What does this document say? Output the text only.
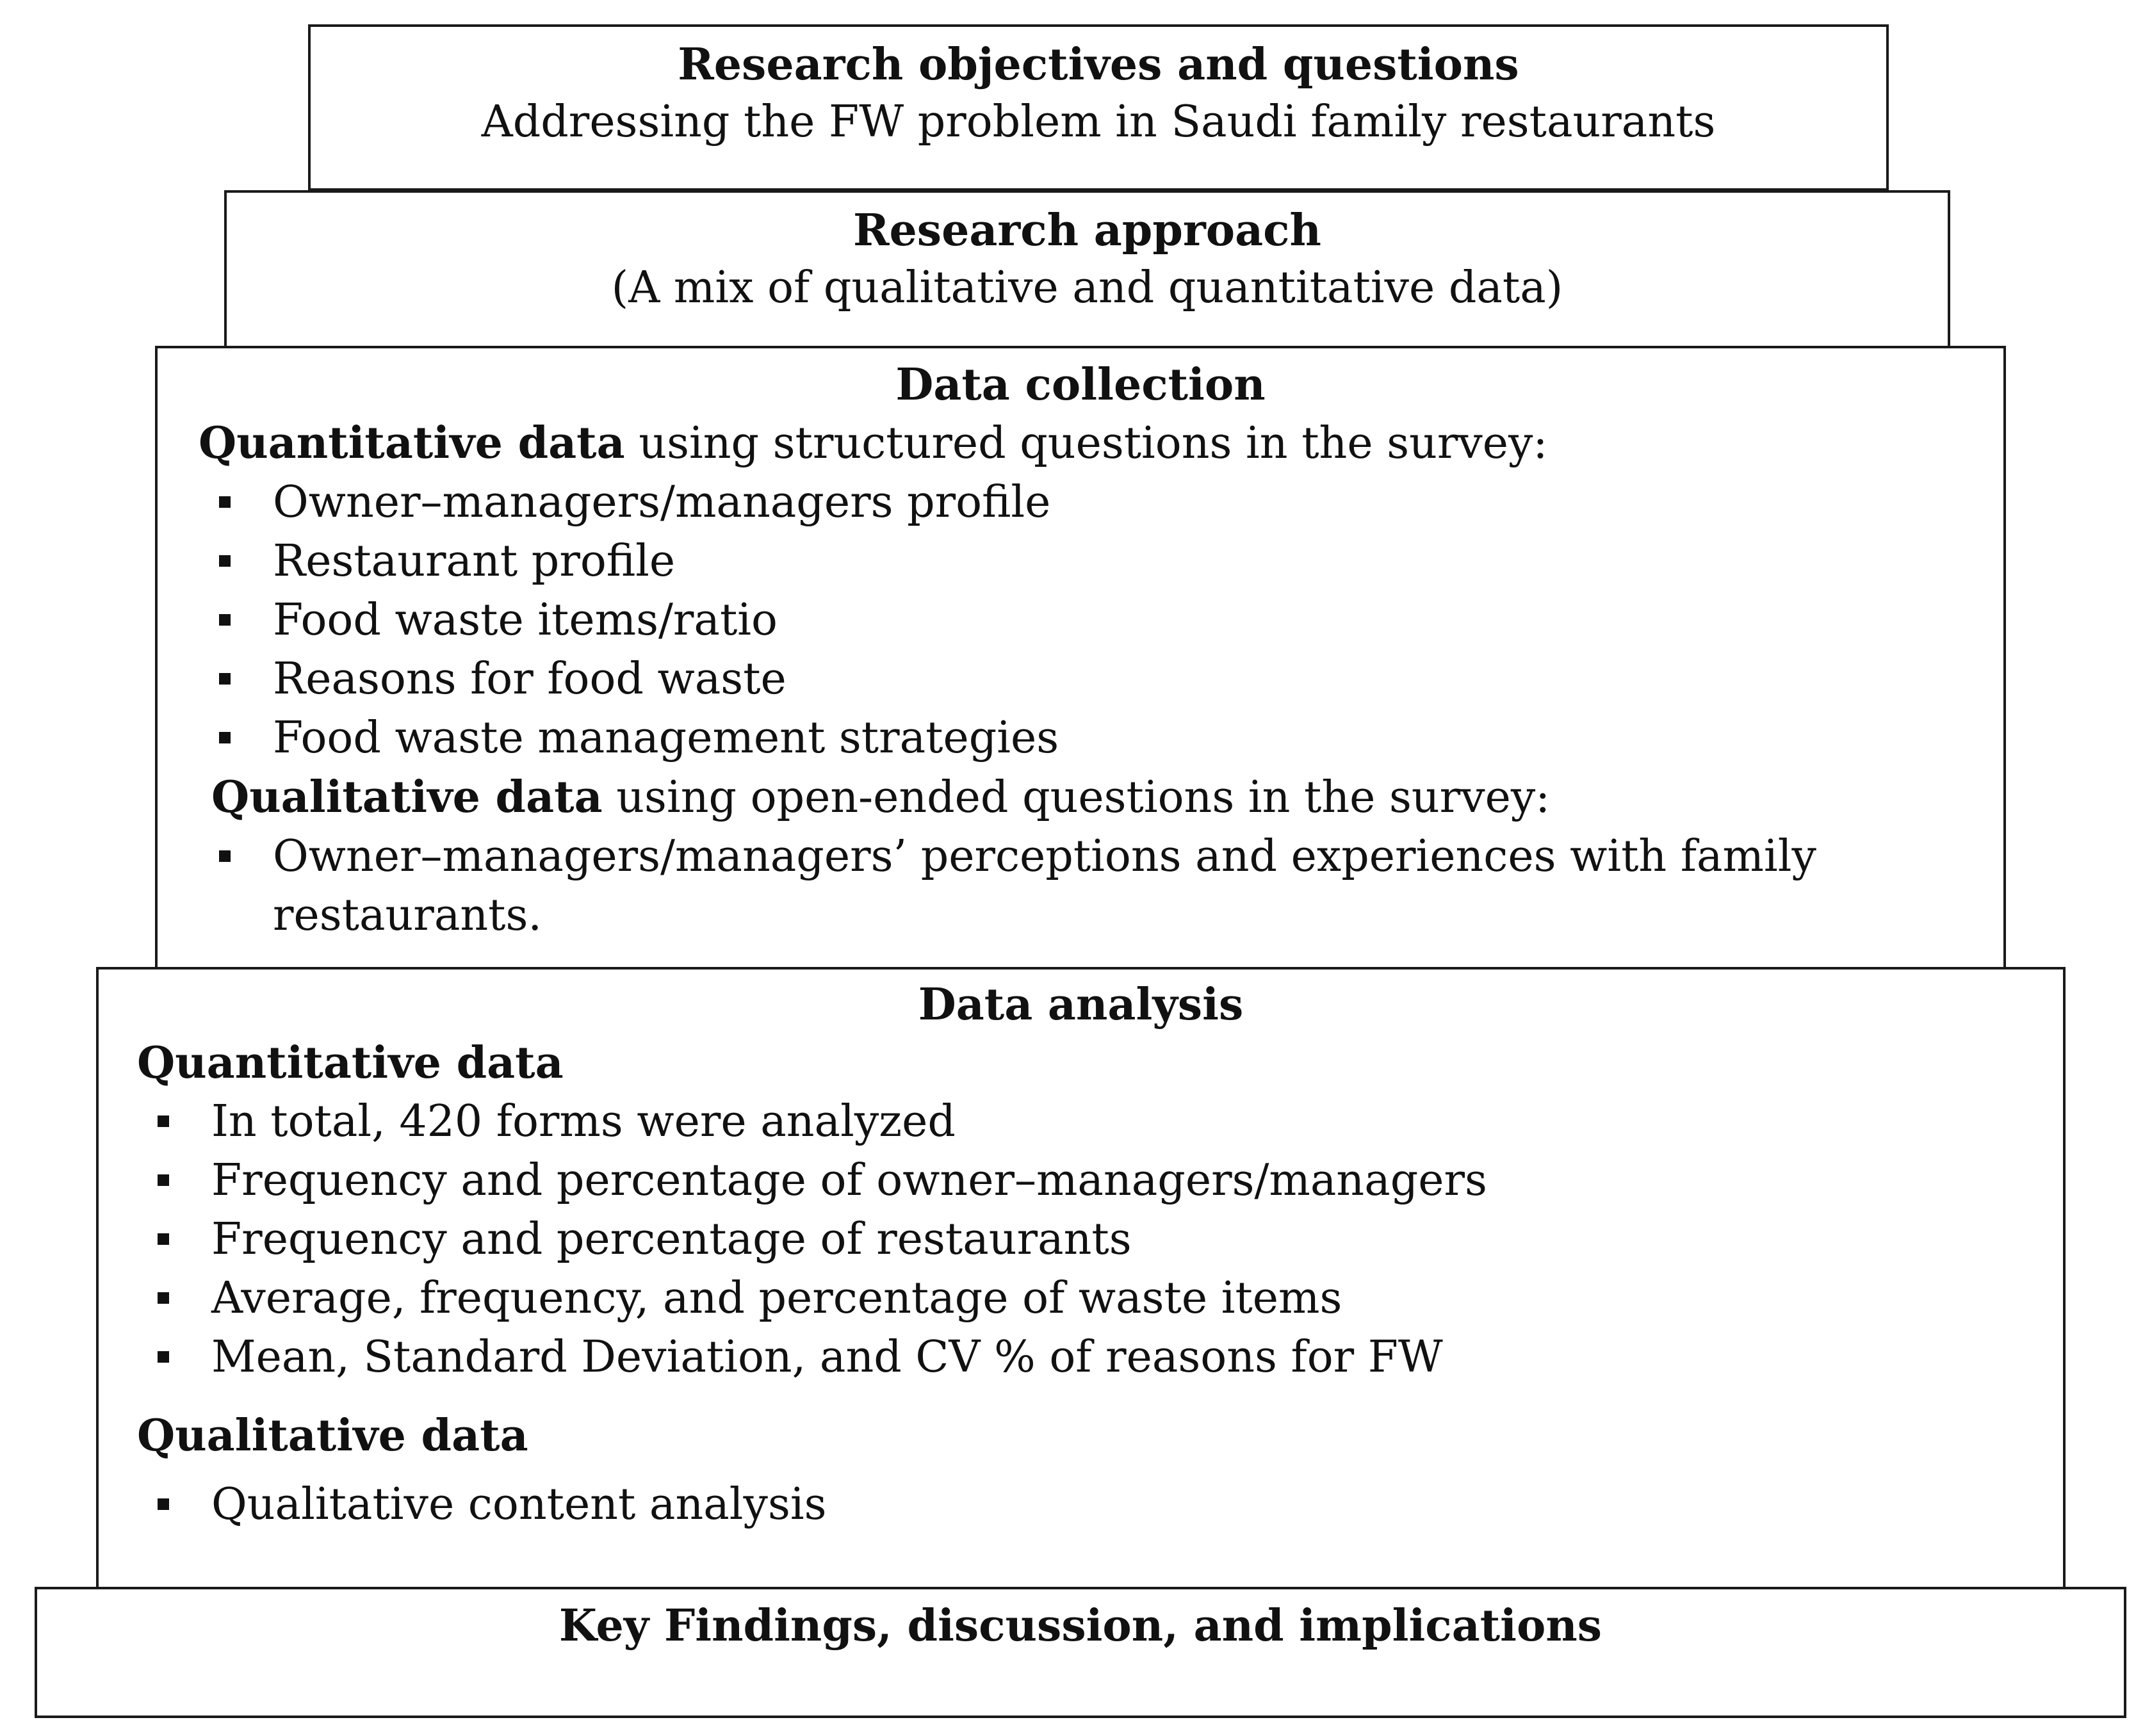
Research objectives and questions

Addressing the FW problem in Saudi family restaurants

Research approach

(A mix of qualitative and quantitative data)

Data collection

Quantitative data using structured questions in the survey:

Owner–managers/managers profile
Restaurant profile
Food waste items/ratio
Reasons for food waste
Food waste management strategies

Qualitative data using open-ended questions in the survey:

Owner–managers/managers’ perceptions and experiences with family restaurants.

Data analysis

Quantitative data

In total, 420 forms were analyzed
Frequency and percentage of owner–managers/managers
Frequency and percentage of restaurants
Average, frequency, and percentage of waste items
Mean, Standard Deviation, and CV % of reasons for FW

Qualitative data

Qualitative content analysis

Key Findings, discussion, and implications
